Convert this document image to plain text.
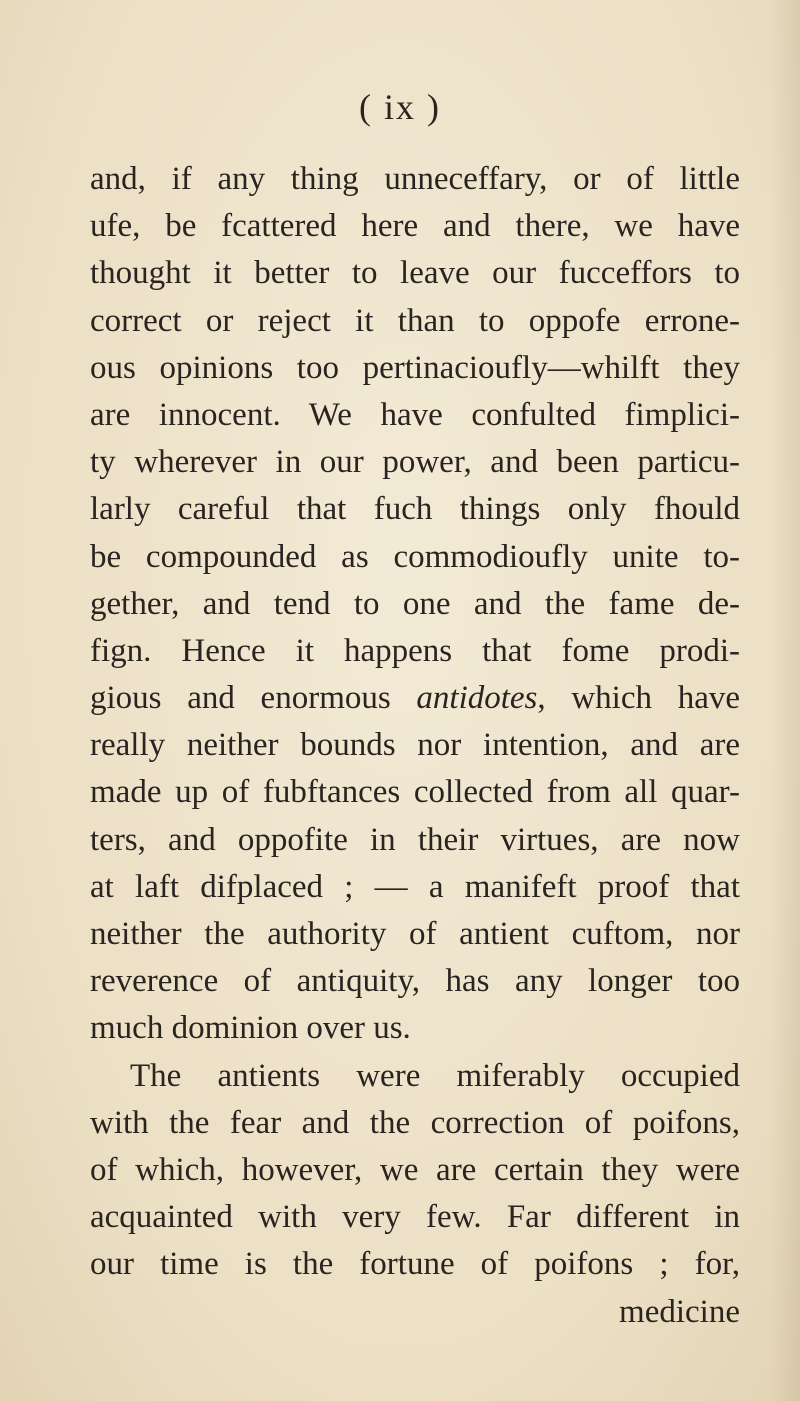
( ix )
and, if any thing unneceffary, or of little
ufe, be fcattered here and there, we have
thought it better to leave our fucceffors to
correct or reject it than to oppofe errone-
ous opinions too pertinacioufly—whilft they
are innocent. We have confulted fimplici-
ty wherever in our power, and been particu-
larly careful that fuch things only fhould
be compounded as commodioufly unite to-
gether, and tend to one and the fame de-
fign. Hence it happens that fome prodi-
gious and enormous antidotes, which have
really neither bounds nor intention, and are
made up of fubftances collected from all quar-
ters, and oppofite in their virtues, are now
at laft difplaced ; — a manifeft proof that
neither the authority of antient cuftom, nor
reverence of antiquity, has any longer too
much dominion over us.
The antients were miferably occupied
with the fear and the correction of poifons,
of which, however, we are certain they were
acquainted with very few. Far different in
our time is the fortune of poifons ; for,
medicine
